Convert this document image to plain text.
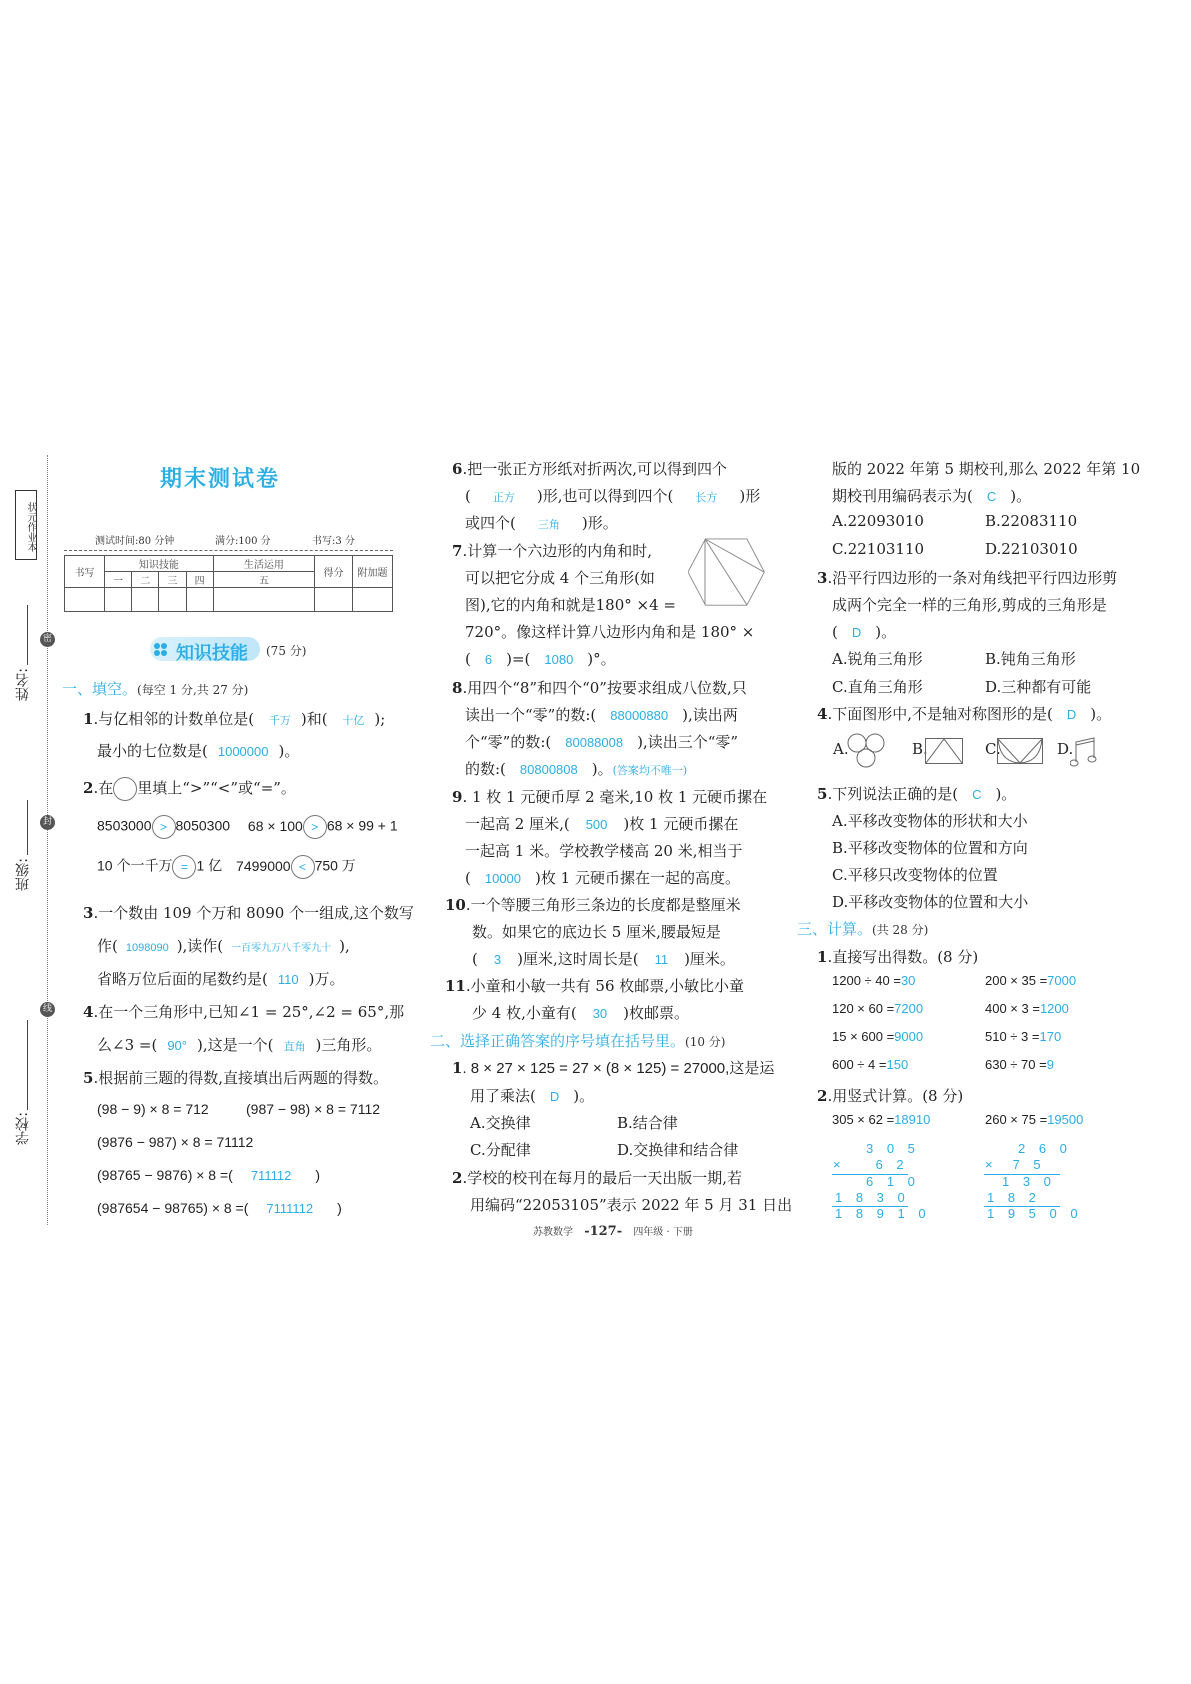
状元作业本
密
封
线
姓名:
班级:
学校:
期末测试卷
测试时间:80 分钟	满分:100 分	书写:3 分
书写	知识技能				生活运用	得分	附加题
	一	二	三	四	五		

知识技能 (75 分)
一、填空。(每空 1 分,共 27 分)
1.与亿相邻的计数单位是( 千万 )和( 十亿 );
最小的七位数是( 1000000 )。
2.在 里填上“>”“<”或“=”。
8503000 > 8050300 68 × 100 > 68 × 99 + 1
10 个一千万 = 1 亿 7499000 < 750 万
3.一个数由 109 个万和 8090 个一组成,这个数写
作( 1098090 ),读作( 一百零九万八千零九十 ),
省略万位后面的尾数约是( 110 )万。
4.在一个三角形中,已知∠1 = 25°,∠2 = 65°,那
么∠3 =( 90° ),这是一个( 直角 )三角形。
5.根据前三题的得数,直接填出后两题的得数。
(98 − 9) × 8 = 712	(987 − 98) × 8 = 7112
(9876 − 987) × 8 = 71112
(98765 − 9876) × 8 =( 711112 )
(987654 − 98765) × 8 =( 7111112 )
6.把一张正方形纸对折两次,可以得到四个
( 正方 )形,也可以得到四个( 长方 )形
或四个( 三角 )形。
7.计算一个六边形的内角和时,
可以把它分成 4 个三角形(如
图),它的内角和就是180° ×4 =
720°。像这样计算八边形内角和是 180° ×
( 6 )=( 1080 )°。
8.用四个“8”和四个“0”按要求组成八位数,只
读出一个“零”的数:( 88000880 ),读出两
个“零”的数:( 80088008 ),读出三个“零”
的数:( 80800808 )。(答案均不唯一)
9. 1 枚 1 元硬币厚 2 毫米,10 枚 1 元硬币摞在
一起高 2 厘米,( 500 )枚 1 元硬币摞在
一起高 1 米。学校教学楼高 20 米,相当于
( 10000 )枚 1 元硬币摞在一起的高度。
10.一个等腰三角形三条边的长度都是整厘米
数。如果它的底边长 5 厘米,腰最短是
( 3 )厘米,这时周长是( 11 )厘米。
11.小童和小敏一共有 56 枚邮票,小敏比小童
少 4 枚,小童有( 30 )枚邮票。
二、选择正确答案的序号填在括号里。(10 分)
1. 8 × 27 × 125 = 27 × (8 × 125) = 27000,这是运
用了乘法( D )。
A.交换律	B.结合律
C.分配律	D.交换律和结合律
2.学校的校刊在每月的最后一天出版一期,若
用编码“22053105”表示 2022 年 5 月 31 日出
苏教数学 -127- 四年级 · 下册
版的 2022 年第 5 期校刊,那么 2022 年第 10
期校刊用编码表示为( C )。
A.22093010	B.22083110
C.22103110	D.22103010
3.沿平行四边形的一条对角线把平行四边形剪
成两个完全一样的三角形,剪成的三角形是
( D )。
A.锐角三角形	B.钝角三角形
C.直角三角形	D.三种都有可能
4.下面图形中,不是轴对称图形的是( D )。
A.	B.	C.	D.
5.下列说法正确的是( C )。
A.平移改变物体的形状和大小
B.平移改变物体的位置和方向
C.平移只改变物体的位置
D.平移改变物体的位置和大小
三、计算。(共 28 分)
1.直接写出得数。(8 分)
1200 ÷ 40 =30	200 × 35 =7000
120 × 60 =7200	400 × 3 =1200
15 × 600 =9000	510 ÷ 3 =170
600 ÷ 4 =150	630 ÷ 70 =9
2.用竖式计算。(8 分)
305 × 62 =18910	260 × 75 =19500
3 0 5
×	6 2
6 1 0
1 8 3 0
1 8 9 1 0
2 6 0
× 7 5
1 3 0
1 8 2
1 9 5 0 0
